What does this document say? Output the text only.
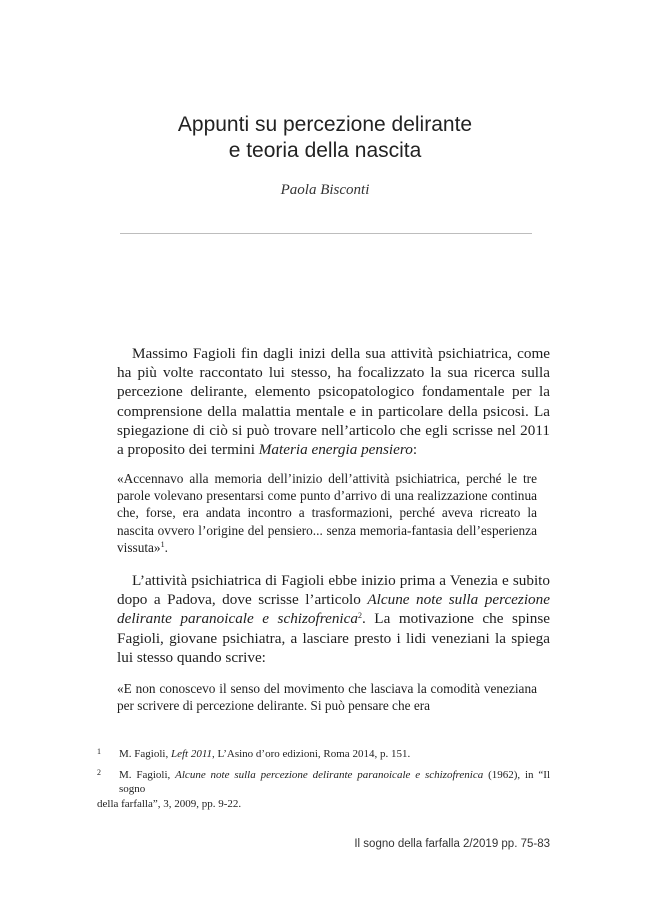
Appunti su percezione delirante
e teoria della nascita
Paola Bisconti

Massimo Fagioli fin dagli inizi della sua attività psichiatrica, come ha più volte raccontato lui stesso, ha focalizzato la sua ricerca sulla percezione delirante, elemento psicopatologico fondamentale per la comprensione della malattia mentale e in particolare della psicosi. La spiegazione di ciò si può trovare nell’articolo che egli scrisse nel 2011 a proposito dei termini Materia energia pensiero:

«Accennavo alla memoria dell’inizio dell’attività psichiatrica, perché le tre parole volevano presentarsi come punto d’arrivo di una realizzazione continua che, forse, era andata incontro a trasformazioni, perché aveva ricreato la nascita ovvero l’origine del pensiero... senza memoria-fantasia dell’esperienza vissuta»$^1$.

L’attività psichiatrica di Fagioli ebbe inizio prima a Venezia e subito dopo a Padova, dove scrisse l’articolo Alcune note sulla percezione delirante paranoicale e schizofrenica$^2$. La motivazione che spinse Fagioli, giovane psichiatra, a lasciare presto i lidi veneziani la spiega lui stesso quando scrive:

«E non conoscevo il senso del movimento che lasciava la comodità veneziana per scrivere di percezione delirante. Si può pensare che era

1 M. Fagioli, Left 2011, L’Asino d’oro edizioni, Roma 2014, p. 151.
2 M. Fagioli, Alcune note sulla percezione delirante paranoicale e schizofrenica (1962), in “Il sogno
della farfalla”, 3, 2009, pp. 9-22.
Il sogno della farfalla 2/2019 pp. 75-83
